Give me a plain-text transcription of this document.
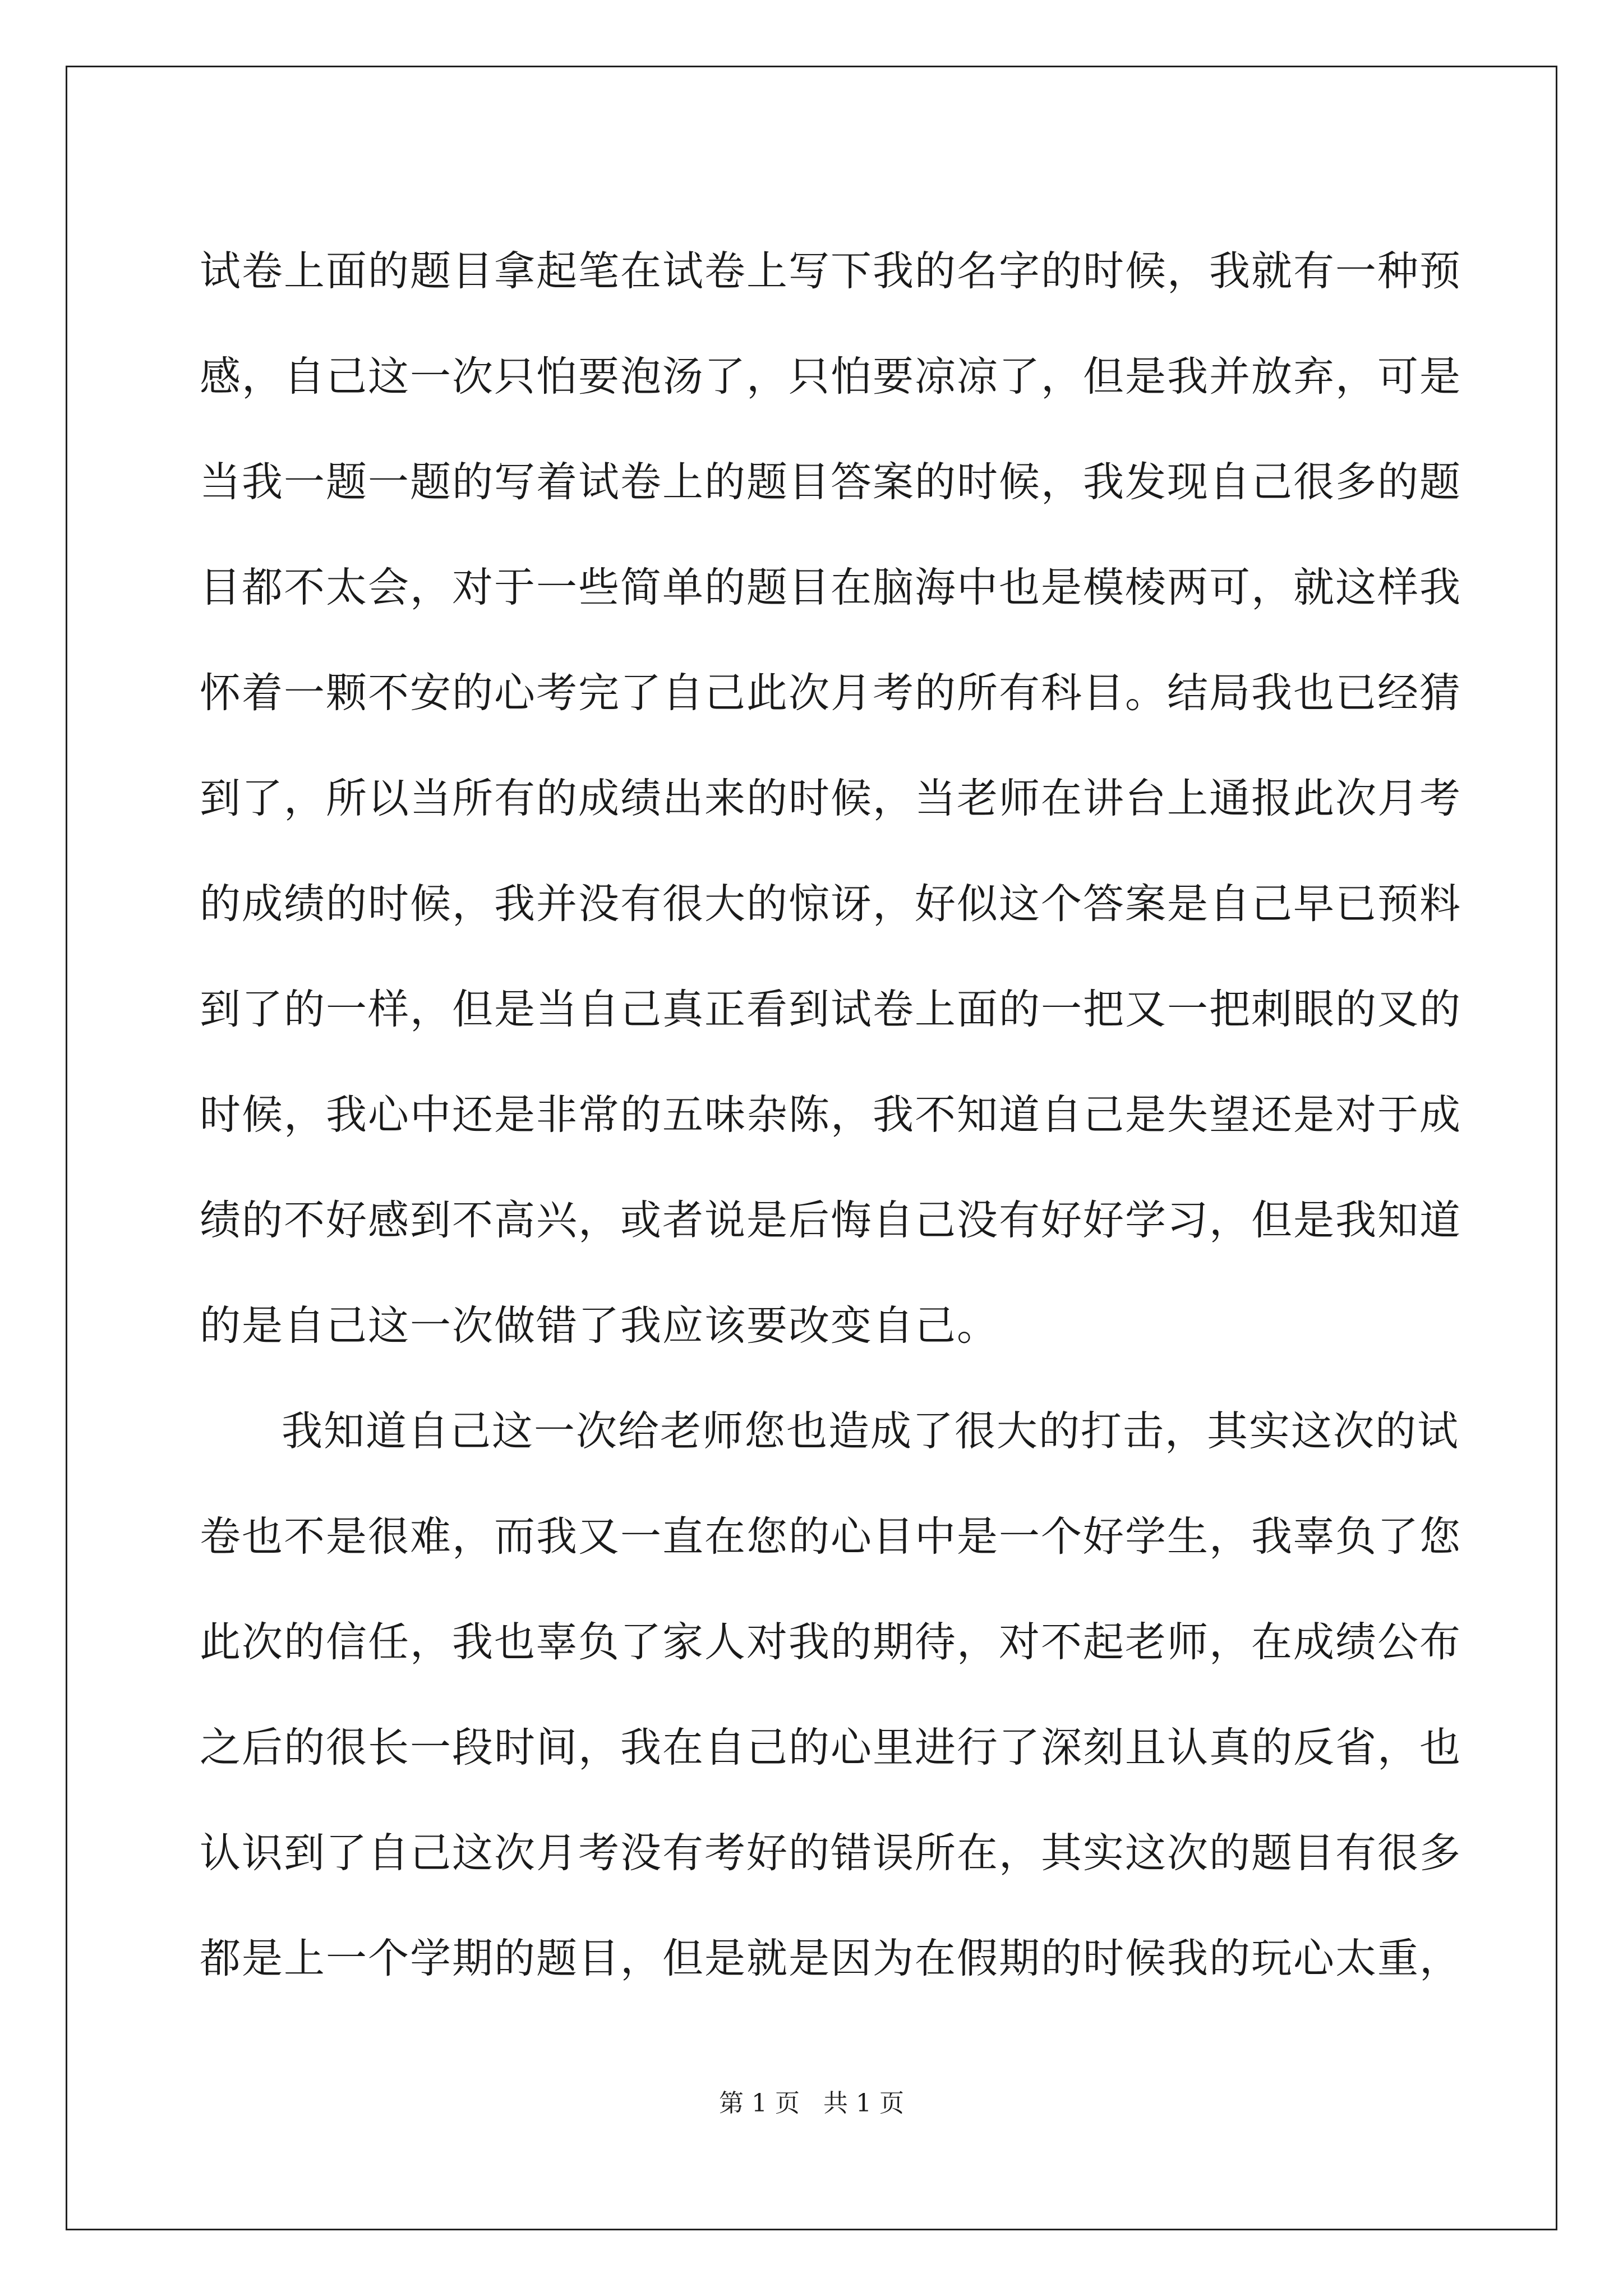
试卷上面的题目拿起笔在试卷上写下我的名字的时候，我就有一种预
感，自己这一次只怕要泡汤了，只怕要凉凉了，但是我并放弃，可是
当我一题一题的写着试卷上的题目答案的时候，我发现自己很多的题
目都不太会，对于一些简单的题目在脑海中也是模棱两可，就这样我
怀着一颗不安的心考完了自己此次月考的所有科目。结局我也已经猜
到了，所以当所有的成绩出来的时候，当老师在讲台上通报此次月考
的成绩的时候，我并没有很大的惊讶，好似这个答案是自己早已预料
到了的一样，但是当自己真正看到试卷上面的一把又一把刺眼的叉的
时候，我心中还是非常的五味杂陈，我不知道自己是失望还是对于成
绩的不好感到不高兴，或者说是后悔自己没有好好学习，但是我知道
的是自己这一次做错了我应该要改变自己。
我知道自己这一次给老师您也造成了很大的打击，其实这次的试
卷也不是很难，而我又一直在您的心目中是一个好学生，我辜负了您
此次的信任，我也辜负了家人对我的期待，对不起老师，在成绩公布
之后的很长一段时间，我在自己的心里进行了深刻且认真的反省，也
认识到了自己这次月考没有考好的错误所在，其实这次的题目有很多
都是上一个学期的题目，但是就是因为在假期的时候我的玩心太重，
第 1 页   共 1 页
